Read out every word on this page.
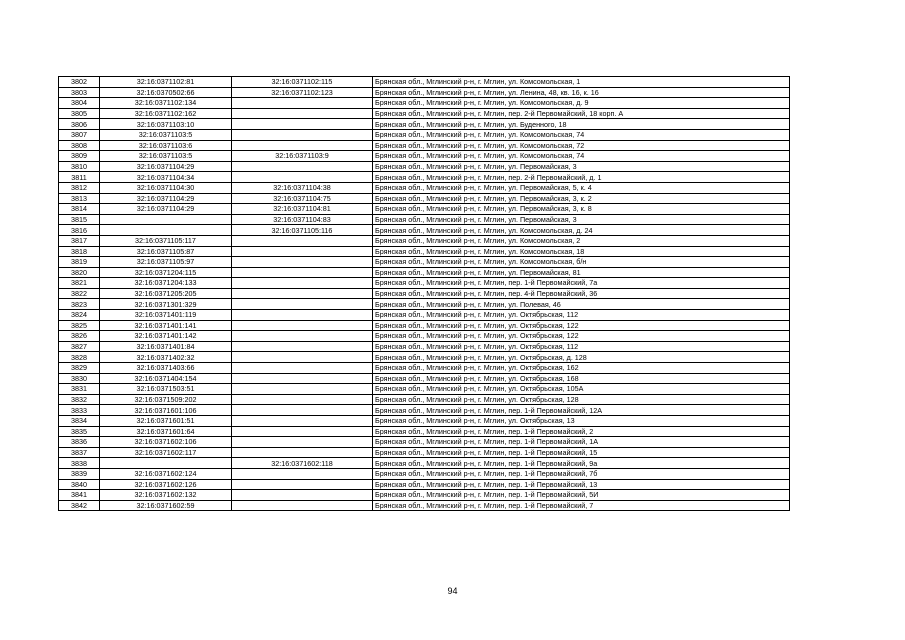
3802	32:16:0371102:81	32:16:0371102:115	Брянская обл., Мглинский р-н, г. Мглин, ул. Комсомольская, 1
3803	32:16:0370502:66	32:16:0371102:123	Брянская обл., Мглинский р-н, г. Мглин, ул. Ленина, 48, кв. 16, к. 16
3804	32:16:0371102:134		Брянская обл., Мглинский р-н, г. Мглин, ул. Комсомольская, д. 9
3805	32:16:0371102:162		Брянская обл., Мглинский р-н, г. Мглин, пер. 2-й Первомайский, 18 корп. А
3806	32:16:0371103:10		Брянская обл., Мглинский р-н, г. Мглин, ул. Буденного, 18
3807	32:16:0371103:5		Брянская обл., Мглинский р-н, г. Мглин, ул. Комсомольская, 74
3808	32:16:0371103:6		Брянская обл., Мглинский р-н, г. Мглин, ул. Комсомольская, 72
3809	32:16:0371103:5	32:16:0371103:9	Брянская обл., Мглинский р-н, г. Мглин, ул. Комсомольская, 74
3810	32:16:0371104:29		Брянская обл., Мглинский р-н, г. Мглин, ул. Первомайская, 3
3811	32:16:0371104:34		Брянская обл., Мглинский р-н, г. Мглин, пер. 2-й Первомайский, д. 1
3812	32:16:0371104:30	32:16:0371104:38	Брянская обл., Мглинский р-н, г. Мглин, ул. Первомайская, 5, к. 4
3813	32:16:0371104:29	32:16:0371104:75	Брянская обл., Мглинский р-н, г. Мглин, ул. Первомайская, 3, к. 2
3814	32:16:0371104:29	32:16:0371104:81	Брянская обл., Мглинский р-н, г. Мглин, ул. Первомайская, 3, к. 8
3815		32:16:0371104:83	Брянская обл., Мглинский р-н, г. Мглин, ул. Первомайская, 3
3816		32:16:0371105:116	Брянская обл., Мглинский р-н, г. Мглин, ул. Комсомольская, д. 24
3817	32:16:0371105:117		Брянская обл., Мглинский р-н, г. Мглин, ул. Комсомольская, 2
3818	32:16:0371105:87		Брянская обл., Мглинский р-н, г. Мглин, ул. Комсомольская, 18
3819	32:16:0371105:97		Брянская обл., Мглинский р-н, г. Мглин, ул. Комсомольская, б/н
3820	32:16:0371204:115		Брянская обл., Мглинский р-н, г. Мглин, ул. Первомайская, 81
3821	32:16:0371204:133		Брянская обл., Мглинский р-н, г. Мглин, пер. 1-й Первомайский, 7а
3822	32:16:0371205:205		Брянская обл., Мглинский р-н, г. Мглин, пер. 4-й Первомайский, 36
3823	32:16:0371301:329		Брянская обл., Мглинский р-н, г. Мглин, ул. Полевая, 46
3824	32:16:0371401:119		Брянская обл., Мглинский р-н, г. Мглин, ул. Октябрьская, 112
3825	32:16:0371401:141		Брянская обл., Мглинский р-н, г. Мглин, ул. Октябрьская, 122
3826	32:16:0371401:142		Брянская обл., Мглинский р-н, г. Мглин, ул. Октябрьская, 122
3827	32:16:0371401:84		Брянская обл., Мглинский р-н, г. Мглин, ул. Октябрьская, 112
3828	32:16:0371402:32		Брянская обл., Мглинский р-н, г. Мглин, ул. Октябрьская, д. 128
3829	32:16:0371403:66		Брянская обл., Мглинский р-н, г. Мглин, ул. Октябрьская, 162
3830	32:16:0371404:154		Брянская обл., Мглинский р-н, г. Мглин, ул. Октябрьская, 168
3831	32:16:0371503:51		Брянская обл., Мглинский р-н, г. Мглин, ул. Октябрьская, 105А
3832	32:16:0371509:202		Брянская обл., Мглинский р-н, г. Мглин, ул. Октябрьская, 128
3833	32:16:0371601:106		Брянская обл., Мглинский р-н, г. Мглин, пер. 1-й Первомайский, 12А
3834	32:16:0371601:51		Брянская обл., Мглинский р-н, г. Мглин, ул. Октябрьская, 13
3835	32:16:0371601:64		Брянская обл., Мглинский р-н, г. Мглин, пер. 1-й Первомайский, 2
3836	32:16:0371602:106		Брянская обл., Мглинский р-н, г. Мглин, пер. 1-й Первомайский, 1А
3837	32:16:0371602:117		Брянская обл., Мглинский р-н, г. Мглин, пер. 1-й Первомайский, 15
3838		32:16:0371602:118	Брянская обл., Мглинский р-н, г. Мглин, пер. 1-й Первомайский, 9а
3839	32:16:0371602:124		Брянская обл., Мглинский р-н, г. Мглин, пер. 1-й Первомайский, 7б
3840	32:16:0371602:126		Брянская обл., Мглинский р-н, г. Мглин, пер. 1-й Первомайский, 13
3841	32:16:0371602:132		Брянская обл., Мглинский р-н, г. Мглин, пер. 1-й Первомайский, 5И
3842	32:16:0371602:59		Брянская обл., Мглинский р-н, г. Мглин, пер. 1-й Первомайский, 7
94
